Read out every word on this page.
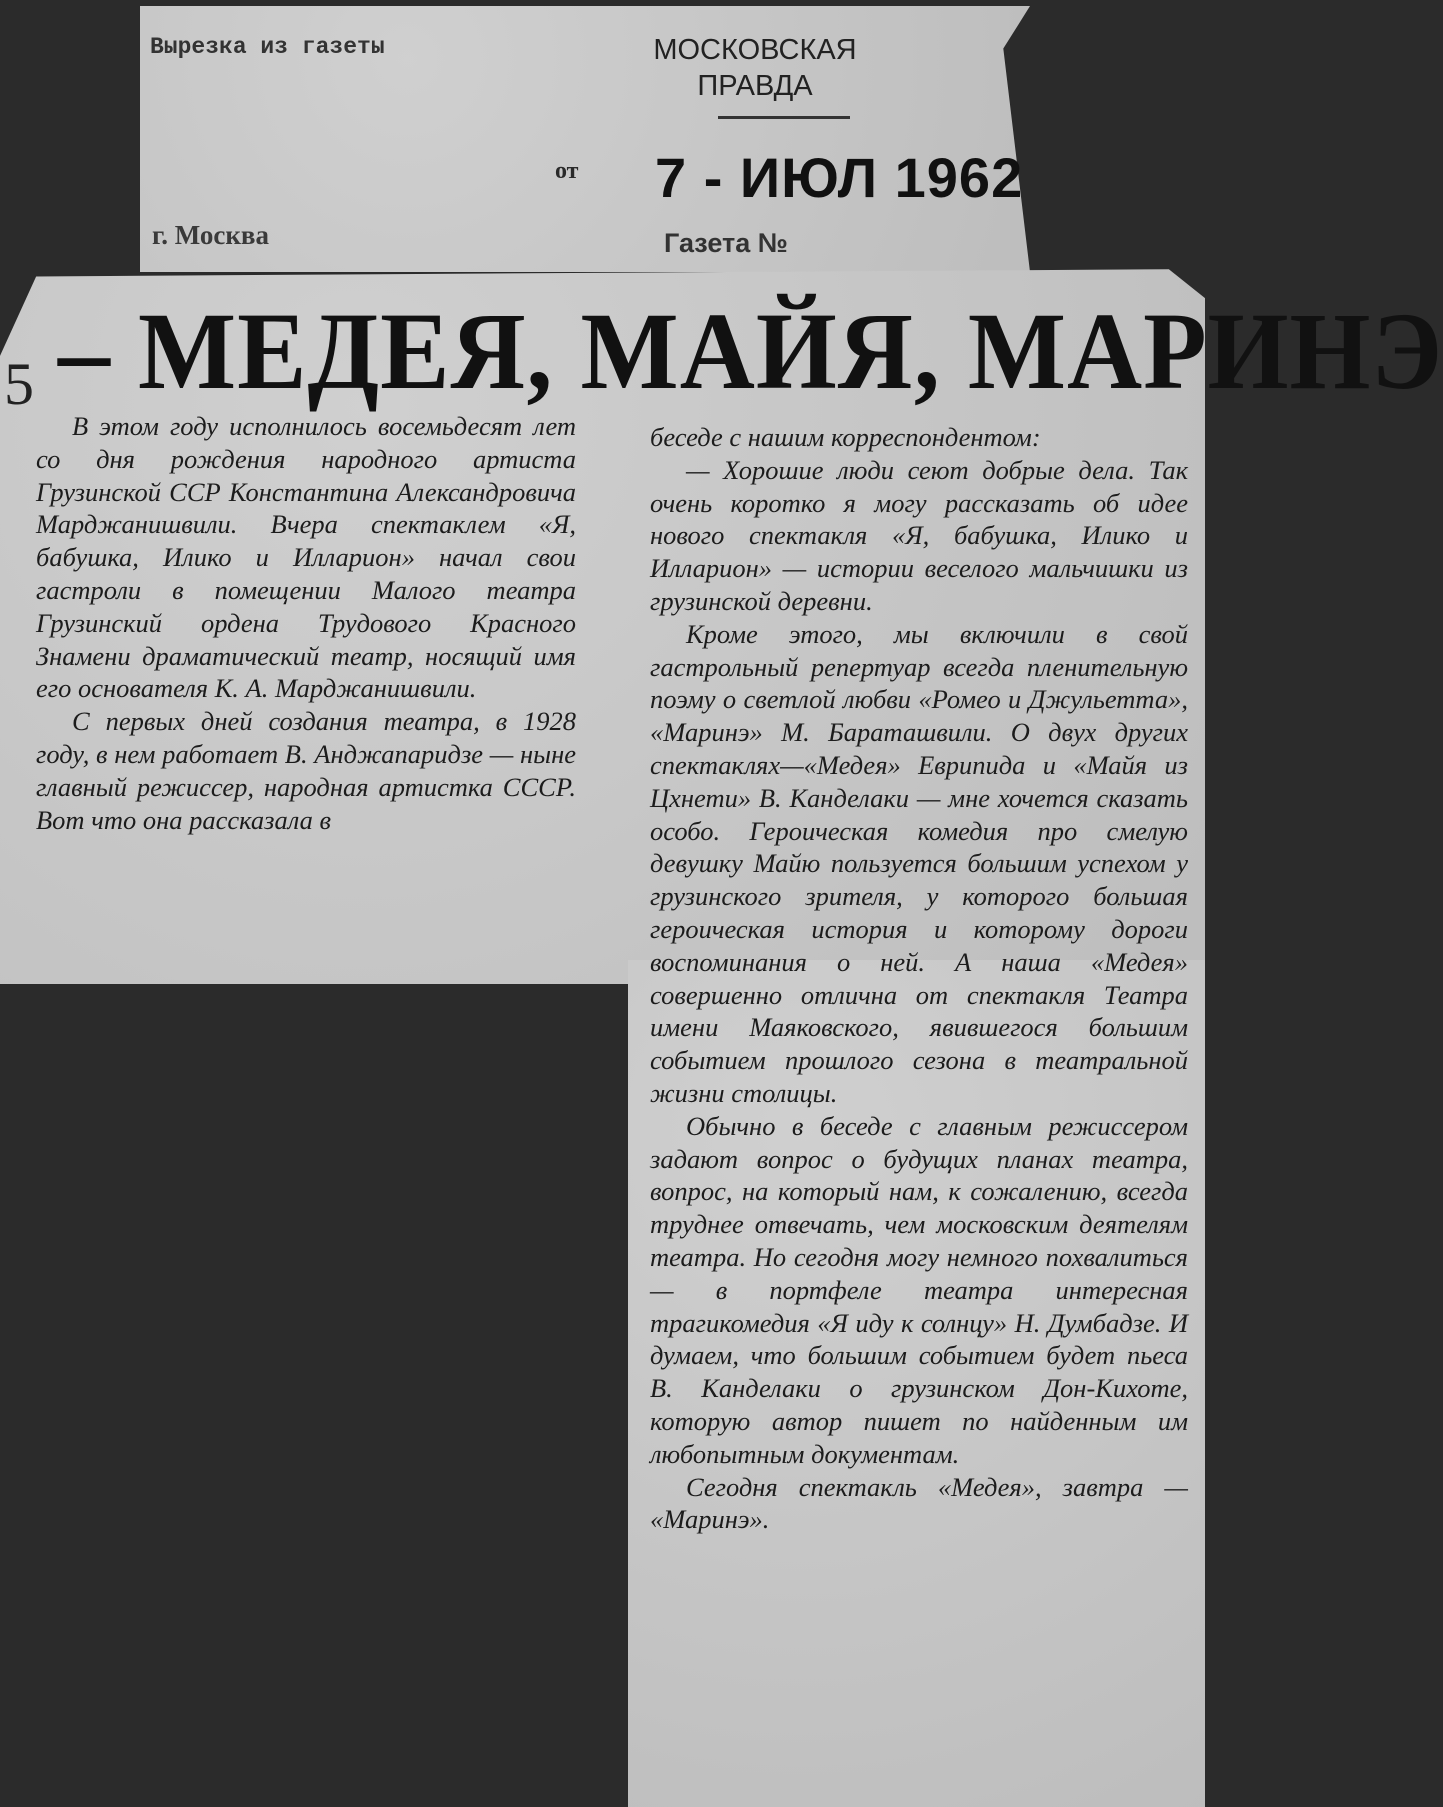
Вырезка из газеты	МОСКОВСКАЯ
ПРАВДА
от 7 - ИЮЛ 1962
г. Москва	Газета №
5 – МЕДЕЯ, МАЙЯ, МАРИНЭ

В этом году исполнилось восемьдесят лет со дня рождения народного артиста Грузинской ССР Константина Александровича Марджанишвили. Вчера спектаклем «Я, бабушка, Илико и Илларион» начал свои гастроли в помещении Малого театра Грузинский ордена Трудового Красного Знамени драматический театр, носящий имя его основателя К. А. Марджанишвили.

С первых дней создания театра, в 1928 году, в нем работает В. Анджапаридзе — ныне главный режиссер, народная артистка СССР. Вот что она рассказала в

беседе с нашим корреспондентом:

— Хорошие люди сеют добрые дела. Так очень коротко я могу рассказать об идее нового спектакля «Я, бабушка, Илико и Илларион» — истории веселого мальчишки из грузинской деревни.

Кроме этого, мы включили в свой гастрольный репертуар всегда пленительную поэму о светлой любви «Ромео и Джульетта», «Маринэ» М. Бараташвили. О двух других спектаклях—«Медея» Еврипида и «Майя из Цхнети» В. Канделаки — мне хочется сказать особо. Героическая комедия про смелую девушку Майю пользуется большим успехом у грузинского зрителя, у которого большая героическая история и которому дороги воспоминания о ней. А наша «Медея» совершенно отлична от спектакля Театра имени Маяковского, явившегося большим событием прошлого сезона в театральной жизни столицы.

Обычно в беседе с главным режиссером задают вопрос о будущих планах театра, вопрос, на который нам, к сожалению, всегда труднее отвечать, чем московским деятелям театра. Но сегодня могу немного похвалиться — в портфеле театра интересная трагикомедия «Я иду к солнцу» Н. Думбадзе. И думаем, что большим событием будет пьеса В. Канделаки о грузинском Дон-Кихоте, которую автор пишет по найденным им любопытным документам.

Сегодня спектакль «Медея», завтра — «Маринэ».
